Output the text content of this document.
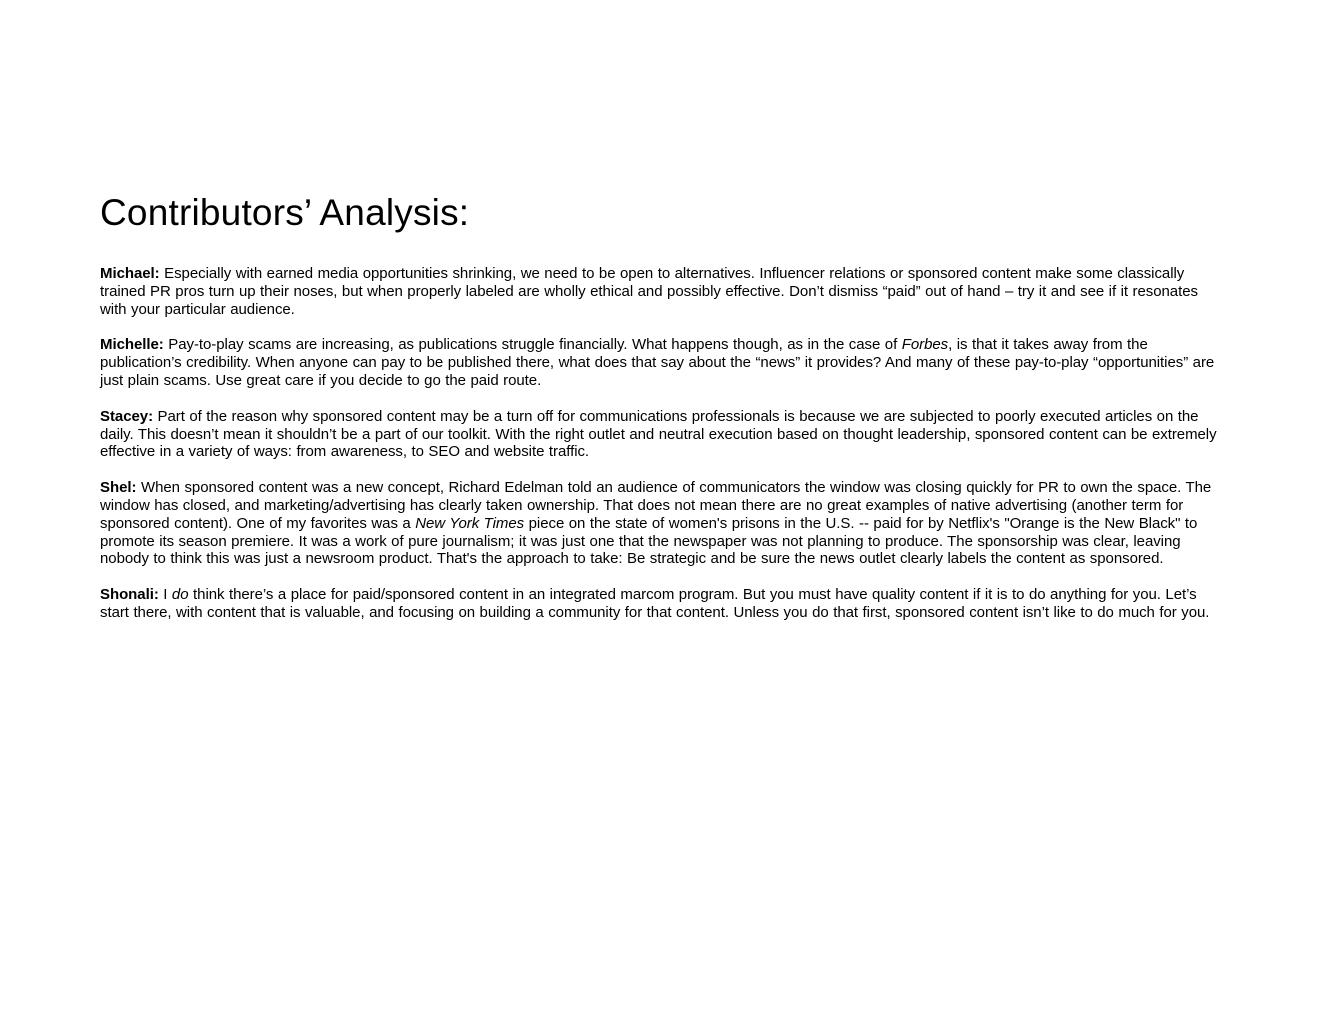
Contributors’ Analysis:

Michael: Especially with earned media opportunities shrinking, we need to be open to alternatives. Influencer relations or sponsored content make some classically trained PR pros turn up their noses, but when properly labeled are wholly ethical and possibly effective. Don’t dismiss “paid” out of hand – try it and see if it resonates with your particular audience.

Michelle: Pay-to-play scams are increasing, as publications struggle financially. What happens though, as in the case of Forbes, is that it takes away from the publication’s credibility. When anyone can pay to be published there, what does that say about the “news” it provides? And many of these pay-to-play “opportunities” are just plain scams. Use great care if you decide to go the paid route.

Stacey: Part of the reason why sponsored content may be a turn off for communications professionals is because we are subjected to poorly executed articles on the daily. This doesn’t mean it shouldn’t be a part of our toolkit. With the right outlet and neutral execution based on thought leadership, sponsored content can be extremely effective in a variety of ways: from awareness, to SEO and website traffic.

Shel: When sponsored content was a new concept, Richard Edelman told an audience of communicators the window was closing quickly for PR to own the space. The window has closed, and marketing/advertising has clearly taken ownership. That does not mean there are no great examples of native advertising (another term for sponsored content). One of my favorites was a New York Times piece on the state of women's prisons in the U.S. -- paid for by Netflix's "Orange is the New Black" to promote its season premiere. It was a work of pure journalism; it was just one that the newspaper was not planning to produce. The sponsorship was clear, leaving nobody to think this was just a newsroom product. That's the approach to take: Be strategic and be sure the news outlet clearly labels the content as sponsored.

Shonali: I do think there’s a place for paid/sponsored content in an integrated marcom program. But you must have quality content if it is to do anything for you. Let’s start there, with content that is valuable, and focusing on building a community for that content. Unless you do that first, sponsored content isn’t like to do much for you.
